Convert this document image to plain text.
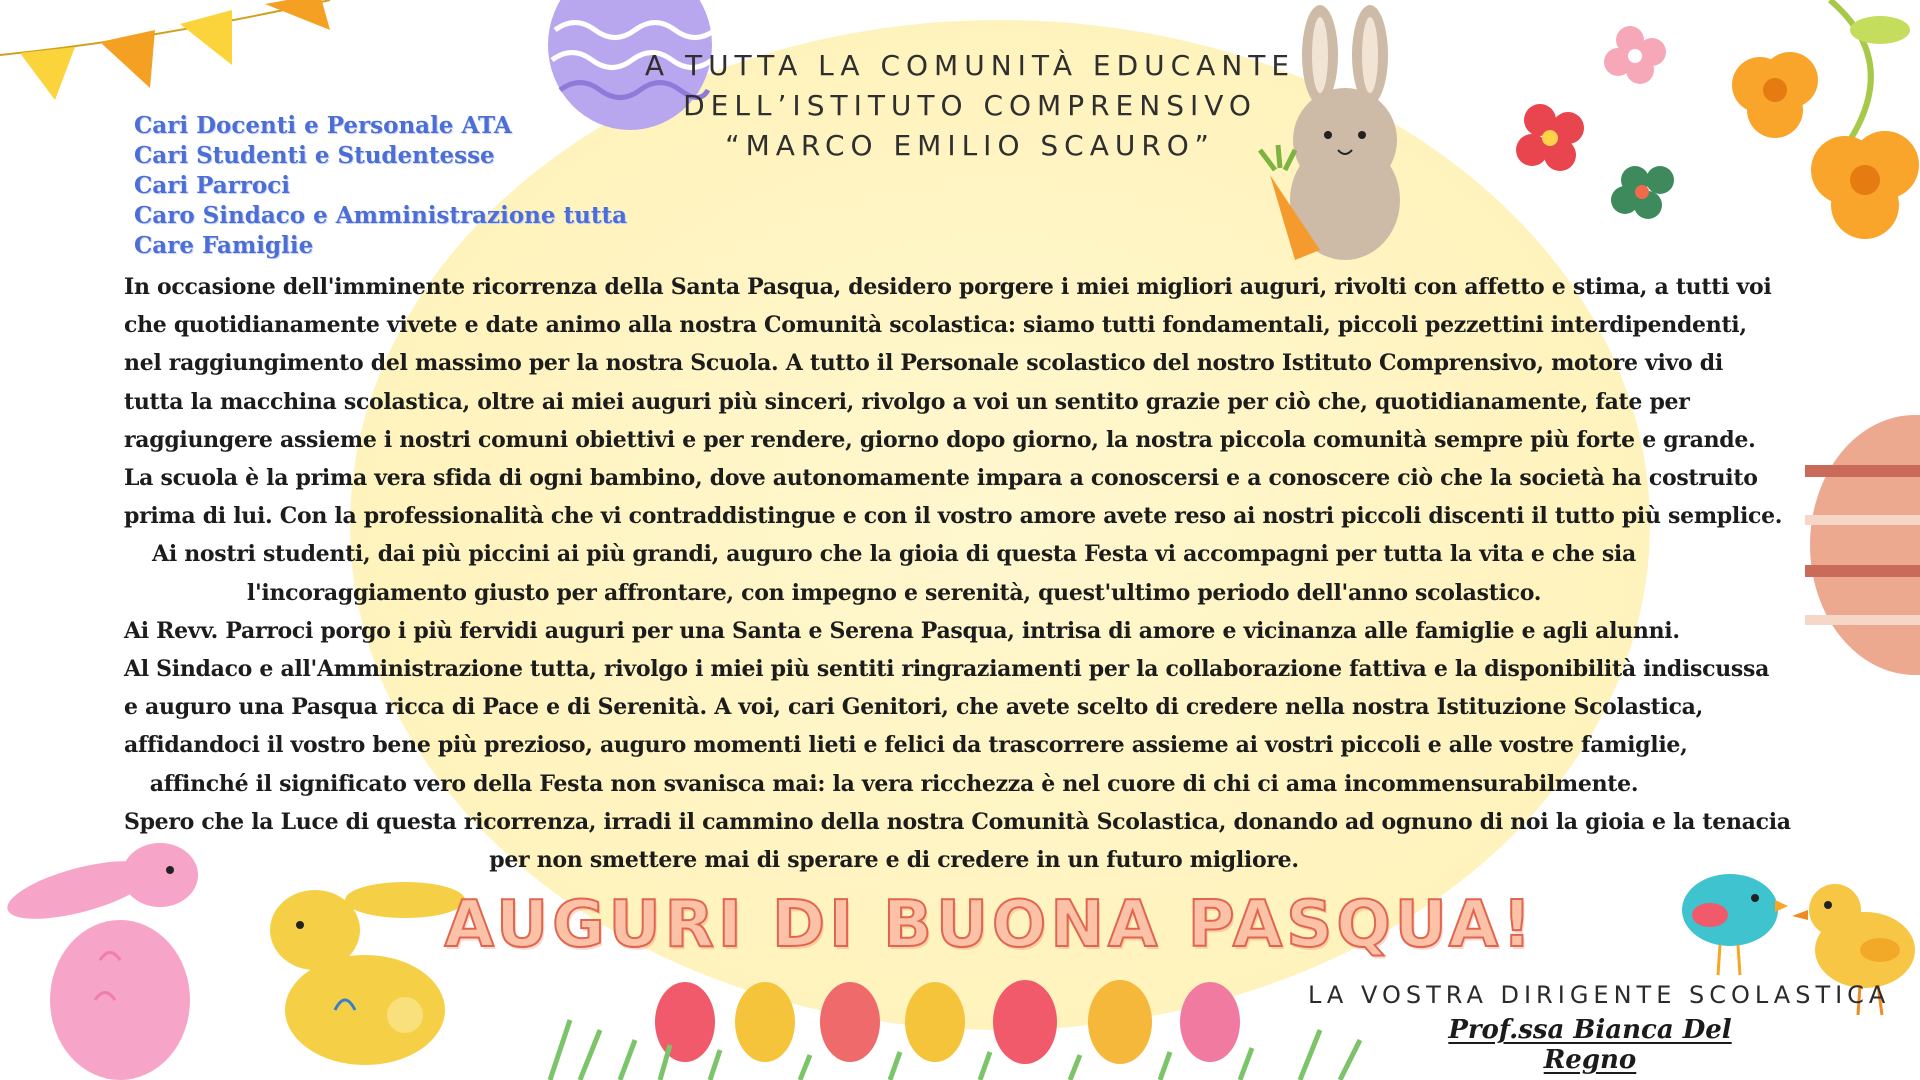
A TUTTA LA COMUNITÀ EDUCANTE
DELL’ISTITUTO COMPRENSIVO
“MARCO EMILIO SCAURO”
Cari Docenti e Personale ATA
Cari Studenti e Studentesse
Cari Parroci
Caro Sindaco e Amministrazione tutta
Care Famiglie
In occasione dell'imminente ricorrenza della Santa Pasqua, desidero porgere i miei migliori auguri, rivolti con affetto e stima, a tutti voi
che quotidianamente vivete e date animo alla nostra Comunità scolastica: siamo tutti fondamentali, piccoli pezzettini interdipendenti,
nel raggiungimento del massimo per la nostra Scuola. A tutto il Personale scolastico del nostro Istituto Comprensivo, motore vivo di
tutta la macchina scolastica, oltre ai miei auguri più sinceri, rivolgo a voi un sentito grazie per ciò che, quotidianamente, fate per
raggiungere assieme i nostri comuni obiettivi e per rendere, giorno dopo giorno, la nostra piccola comunità sempre più forte e grande.
La scuola è la prima vera sfida di ogni bambino, dove autonomamente impara a conoscersi e a conoscere ciò che la società ha costruito
prima di lui. Con la professionalità che vi contraddistingue e con il vostro amore avete reso ai nostri piccoli discenti il tutto più semplice.
Ai nostri studenti, dai più piccini ai più grandi, auguro che la gioia di questa Festa vi accompagni per tutta la vita e che sia
l'incoraggiamento giusto per affrontare, con impegno e serenità, quest'ultimo periodo dell'anno scolastico.
Ai Revv. Parroci porgo i più fervidi auguri per una Santa e Serena Pasqua, intrisa di amore e vicinanza alle famiglie e agli alunni.
Al Sindaco e all'Amministrazione tutta, rivolgo i miei più sentiti ringraziamenti per la collaborazione fattiva e la disponibilità indiscussa
e auguro una Pasqua ricca di Pace e di Serenità. A voi, cari Genitori, che avete scelto di credere nella nostra Istituzione Scolastica,
affidandoci il vostro bene più prezioso, auguro momenti lieti e felici da trascorrere assieme ai vostri piccoli e alle vostre famiglie,
affinché il significato vero della Festa non svanisca mai: la vera ricchezza è nel cuore di chi ci ama incommensurabilmente.
Spero che la Luce di questa ricorrenza, irradi il cammino della nostra Comunità Scolastica, donando ad ognuno di noi la gioia e la tenacia
per non smettere mai di sperare e di credere in un futuro migliore.
AUGURI DI BUONA PASQUA!
LA VOSTRA DIRIGENTE SCOLASTICA
Prof.ssa Bianca Del Regno
